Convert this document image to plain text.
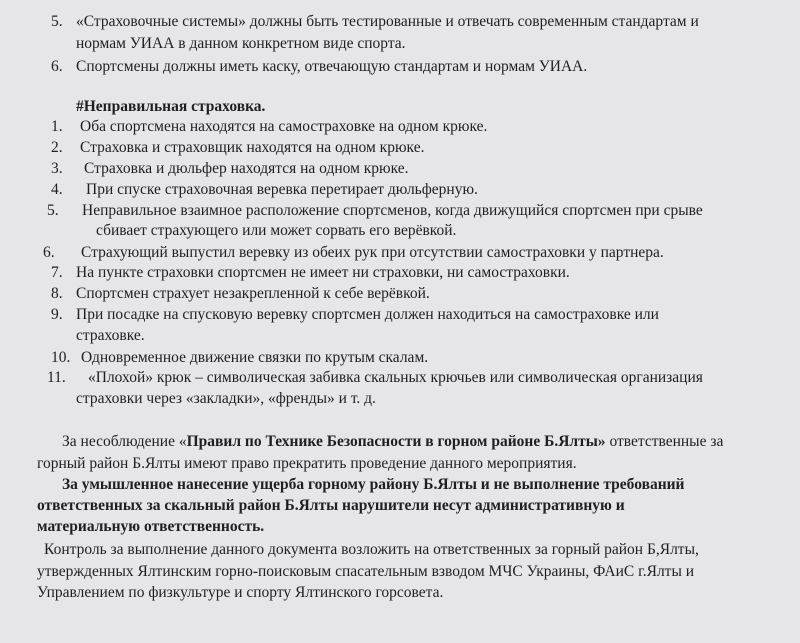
5. «Страховочные системы» должны быть тестированные и отвечать современным стандартам и
нормам УИАА в данном конкретном виде спорта.
6. Спортсмены должны иметь каску, отвечающую стандартам и нормам УИАА.
#Неправильная страховка.
1. Оба спортсмена находятся на самостраховке на одном крюке.
2. Страховка и страховщик находятся на одном крюке.
3. Страховка и дюльфер находятся на одном крюке.
4. При спуске страховочная веревка перетирает дюльферную.
5. Неправильное взаимное расположение спортсменов, когда движущийся спортсмен при срыве
сбивает страхующего или может сорвать его верёвкой.
6. Страхующий выпустил веревку из обеих рук при отсутствии самостраховки у партнера.
7. На пункте страховки спортсмен не имеет ни страховки, ни самостраховки.
8. Спортсмен страхует незакрепленной к себе верёвкой.
9. При посадке на спусковую веревку спортсмен должен находиться на самостраховке или
страховке.
10. Одновременное движение связки по крутым скалам.
11. «Плохой» крюк – символическая забивка скальных крючьев или символическая организация
страховки через «закладки», «френды» и т. д.
За несоблюдение «Правил по Технике Безопасности в горном районе Б.Ялты» ответственные за
горный район Б.Ялты имеют право прекратить проведение данного мероприятия.
За умышленное нанесение ущерба горному району Б.Ялты и не выполнение требований
ответственных за скальный район Б.Ялты нарушители несут административную и
материальную ответственность.
Контроль за выполнение данного документа возложить на ответственных за горный район Б,Ялты,
утвержденных Ялтинским горно-поисковым спасательным взводом МЧС Украины, ФАиС г.Ялты и
Управлением по физкультуре и спорту Ялтинского горсовета.
